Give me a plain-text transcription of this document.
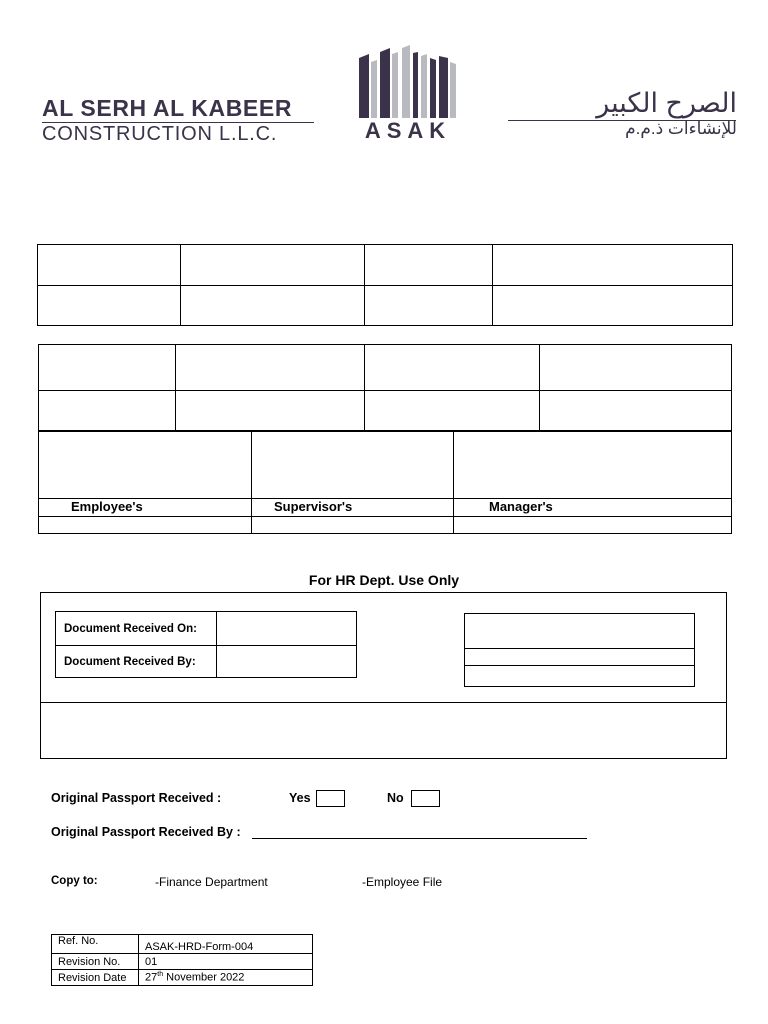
AL SERH AL KABEER
CONSTRUCTION L.L.C.	ASAK
الصرح الكبير
للإنشاءات ذ.م.م

Employee's	Supervisor's	Manager's

For HR Dept. Use Only
Document Received On:	
Document Received By:	

Original Passport Received :	Yes	No
Original Passport Received By :
Copy to:	-Finance Department	-Employee File
Ref. No.	ASAK-HRD-Form-004
Revision No.	01
Revision Date	27th November 2022
